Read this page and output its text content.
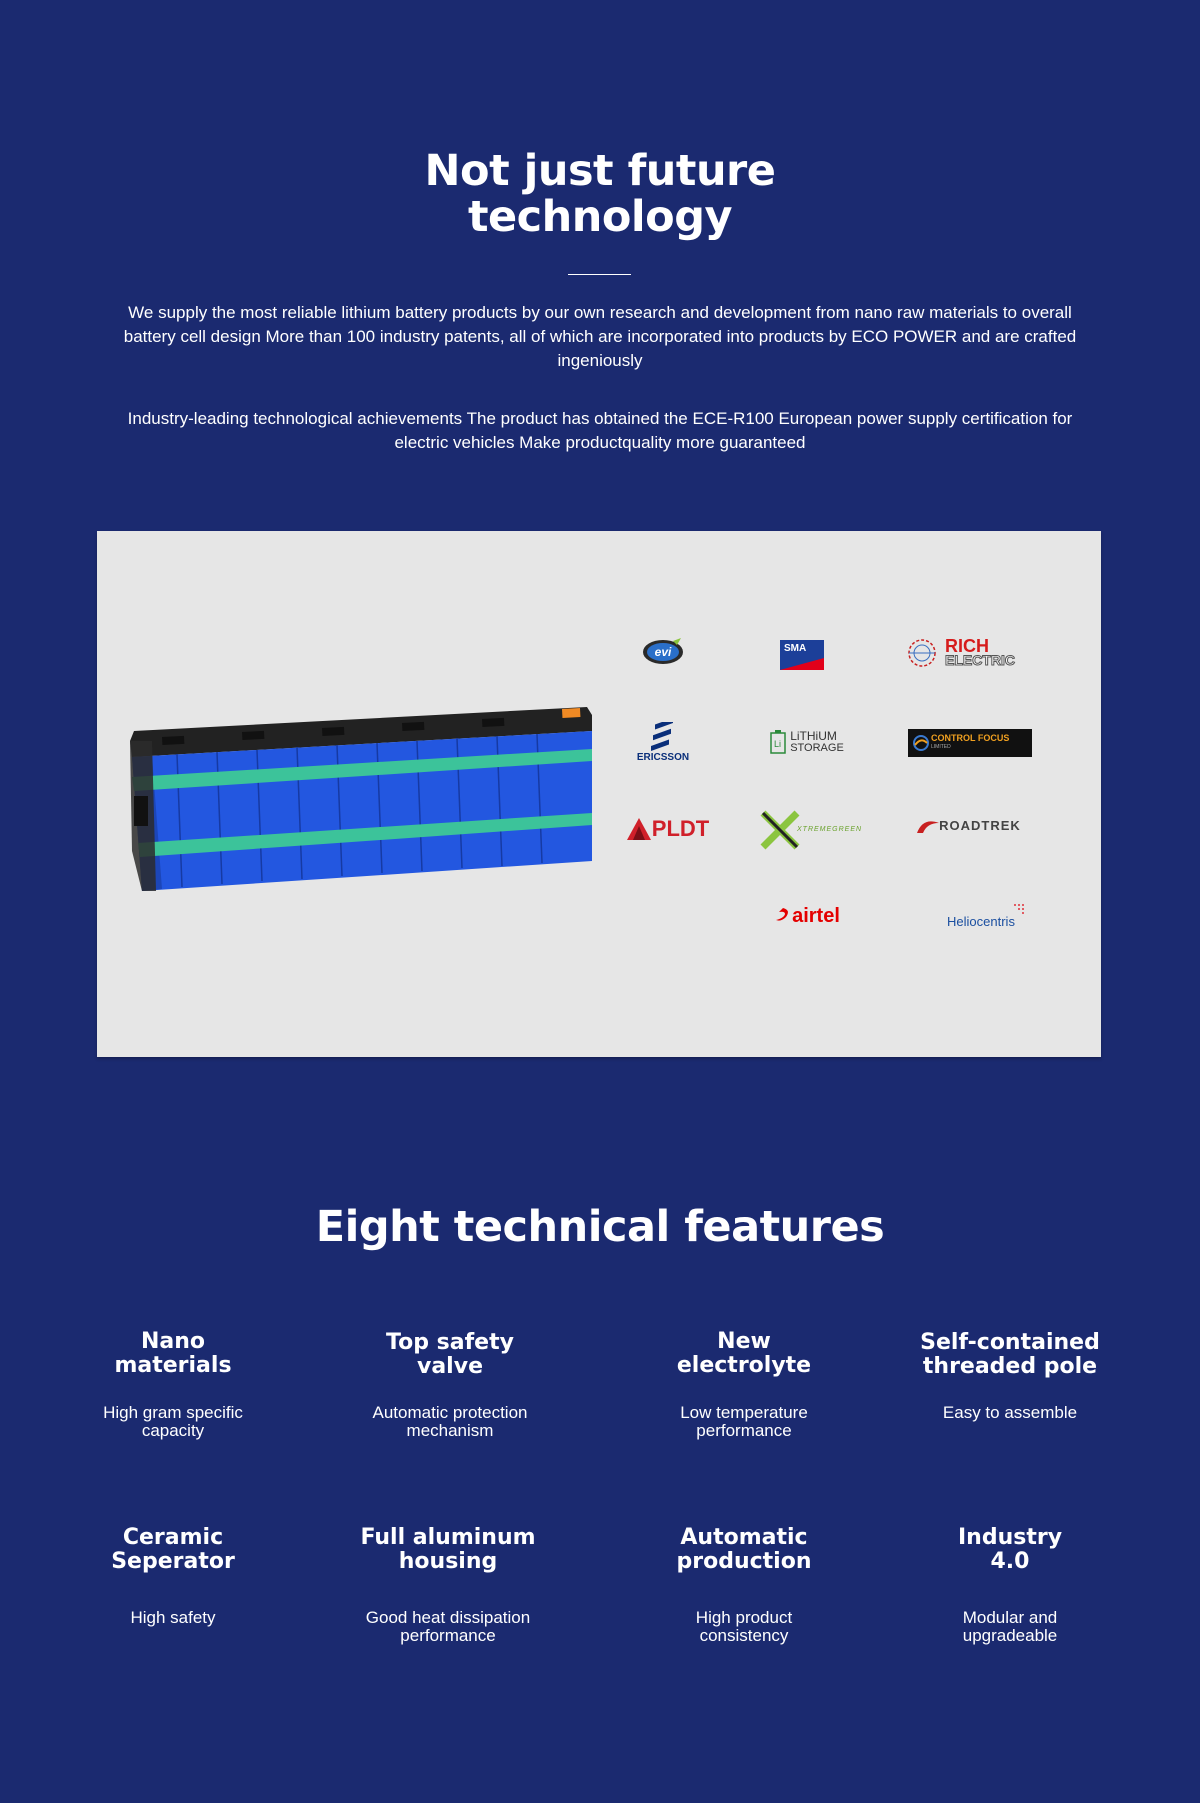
Not just future
technology

We supply the most reliable lithium battery products by our own research and development from nano raw materials to overall battery cell design More than 100 industry patents, all of which are incorporated into products by ECO POWER and are crafted ingeniously

Industry-leading technological achievements The product has obtained the ECE-R100 European power supply certification for electric vehicles Make productquality more guaranteed

evi	SMA	RICH
ELECTRIC
ERICSSON
Li
LiTHiUM
STORAGE
CONTROL FOCUS
LIMITED
PLDT	XTREMEGREEN	ROADTREK
airtel	Heliocentris
Eight technical features
Nano
materials

High gram specific
capacity

Top safety
valve

Automatic protection
mechanism

New
electrolyte

Low temperature
performance

Self-contained
threaded pole

Easy to assemble

Ceramic
Seperator

High safety

Full aluminum
housing

Good heat dissipation
performance

Automatic
production

High product
consistency

Industry
4.0

Modular and
upgradeable
